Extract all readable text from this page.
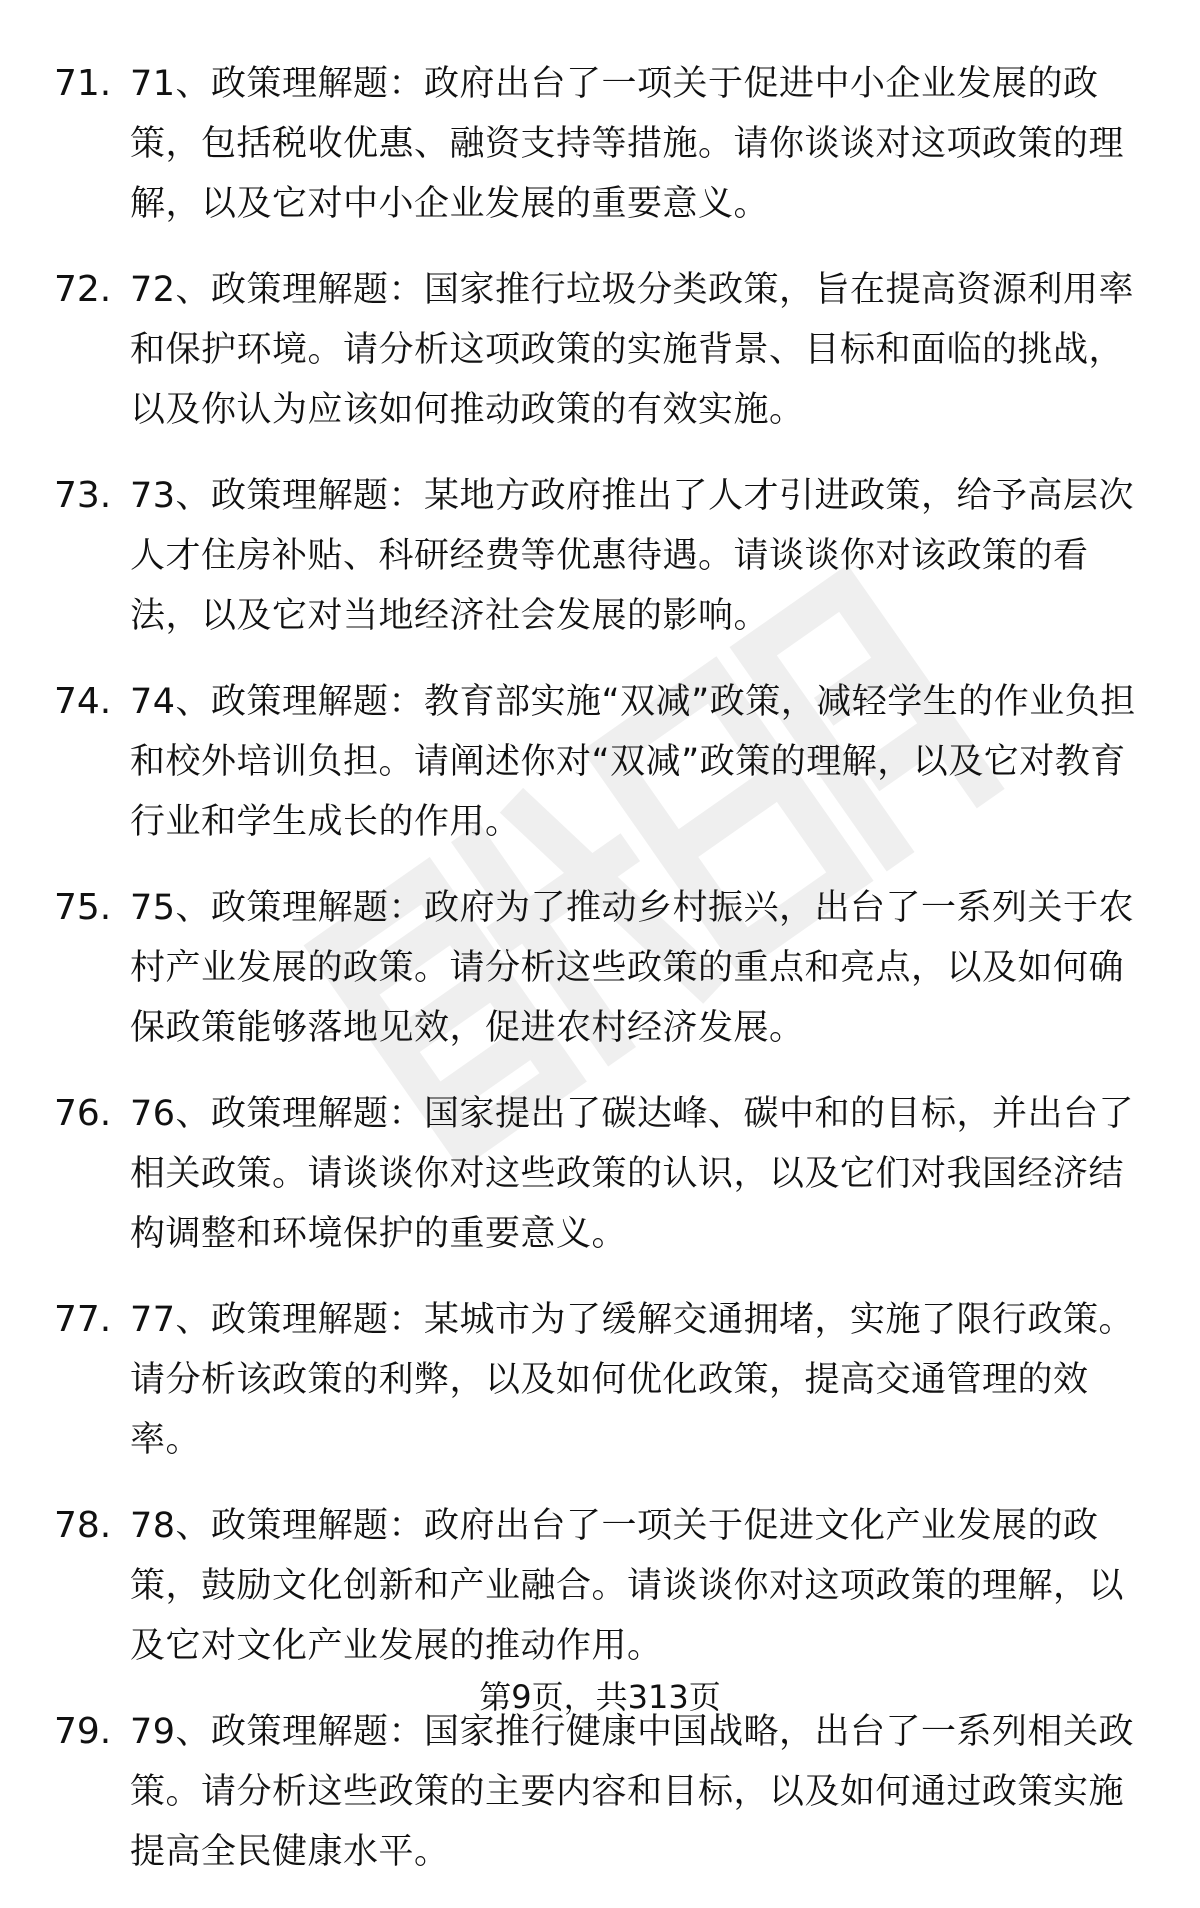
71. 71、政策理解题：政府出台了一项关于促进中小企业发展的政策，包括税收优惠、融资支持等措施。请你谈谈对这项政策的理解，以及它对中小企业发展的重要意义。
72. 72、政策理解题：国家推行垃圾分类政策，旨在提高资源利用率和保护环境。请分析这项政策的实施背景、目标和面临的挑战，以及你认为应该如何推动政策的有效实施。
73. 73、政策理解题：某地方政府推出了人才引进政策，给予高层次人才住房补贴、科研经费等优惠待遇。请谈谈你对该政策的看法，以及它对当地经济社会发展的影响。
74. 74、政策理解题：教育部实施“双减”政策，减轻学生的作业负担和校外培训负担。请阐述你对“双减”政策的理解，以及它对教育行业和学生成长的作用。
75. 75、政策理解题：政府为了推动乡村振兴，出台了一系列关于农村产业发展的政策。请分析这些政策的重点和亮点，以及如何确保政策能够落地见效，促进农村经济发展。
76. 76、政策理解题：国家提出了碳达峰、碳中和的目标，并出台了相关政策。请谈谈你对这些政策的认识，以及它们对我国经济结构调整和环境保护的重要意义。
77. 77、政策理解题：某城市为了缓解交通拥堵，实施了限行政策。请分析该政策的利弊，以及如何优化政策，提高交通管理的效率。
78. 78、政策理解题：政府出台了一项关于促进文化产业发展的政策，鼓励文化创新和产业融合。请谈谈你对这项政策的理解，以及它对文化产业发展的推动作用。
79. 79、政策理解题：国家推行健康中国战略，出台了一系列相关政策。请分析这些政策的主要内容和目标，以及如何通过政策实施提高全民健康水平。
第9页，共313页
